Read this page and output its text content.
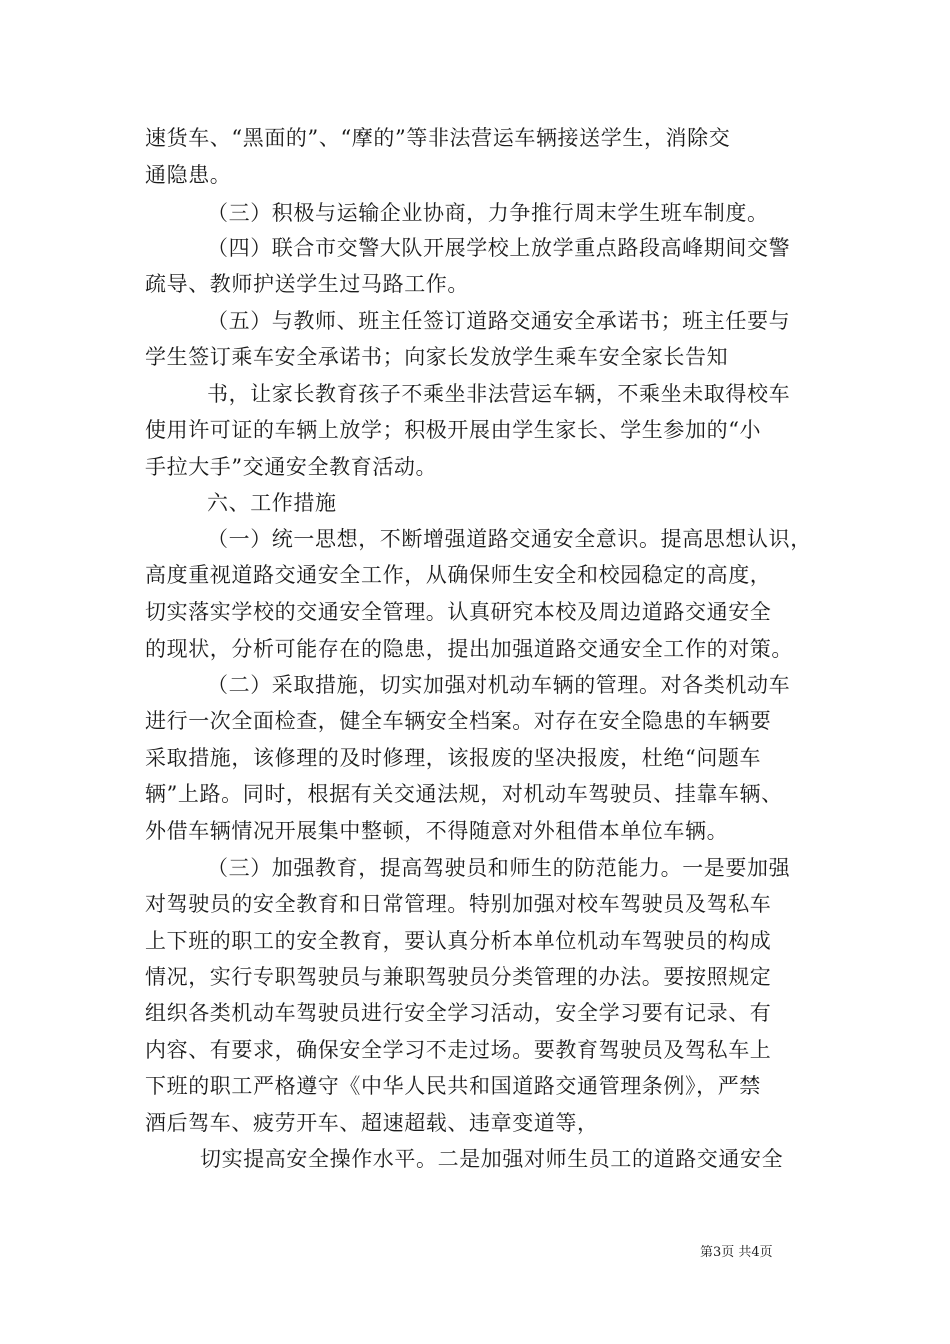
速货车、“黑面的”、“摩的”等非法营运车辆接送学生，消除交
通隐患。
（三）积极与运输企业协商，力争推行周末学生班车制度。
（四）联合市交警大队开展学校上放学重点路段高峰期间交警
疏导、教师护送学生过马路工作。
（五）与教师、班主任签订道路交通安全承诺书；班主任要与
学生签订乘车安全承诺书；向家长发放学生乘车安全家长告知
书，让家长教育孩子不乘坐非法营运车辆，不乘坐未取得校车
使用许可证的车辆上放学；积极开展由学生家长、学生参加的“小
手拉大手”交通安全教育活动。
六、工作措施
（一）统一思想，不断增强道路交通安全意识。提高思想认识，
高度重视道路交通安全工作，从确保师生安全和校园稳定的高度，
切实落实学校的交通安全管理。认真研究本校及周边道路交通安全
的现状，分析可能存在的隐患，提出加强道路交通安全工作的对策。
（二）采取措施，切实加强对机动车辆的管理。对各类机动车
进行一次全面检查，健全车辆安全档案。对存在安全隐患的车辆要
采取措施，该修理的及时修理，该报废的坚决报废，杜绝“问题车
辆”上路。同时，根据有关交通法规，对机动车驾驶员、挂靠车辆、
外借车辆情况开展集中整顿，不得随意对外租借本单位车辆。
（三）加强教育，提高驾驶员和师生的防范能力。一是要加强
对驾驶员的安全教育和日常管理。特别加强对校车驾驶员及驾私车
上下班的职工的安全教育，要认真分析本单位机动车驾驶员的构成
情况，实行专职驾驶员与兼职驾驶员分类管理的办法。要按照规定
组织各类机动车驾驶员进行安全学习活动，安全学习要有记录、有
内容、有要求，确保安全学习不走过场。要教育驾驶员及驾私车上
下班的职工严格遵守《中华人民共和国道路交通管理条例》，严禁
酒后驾车、疲劳开车、超速超载、违章变道等，
切实提高安全操作水平。二是加强对师生员工的道路交通安全
第3页 共4页
